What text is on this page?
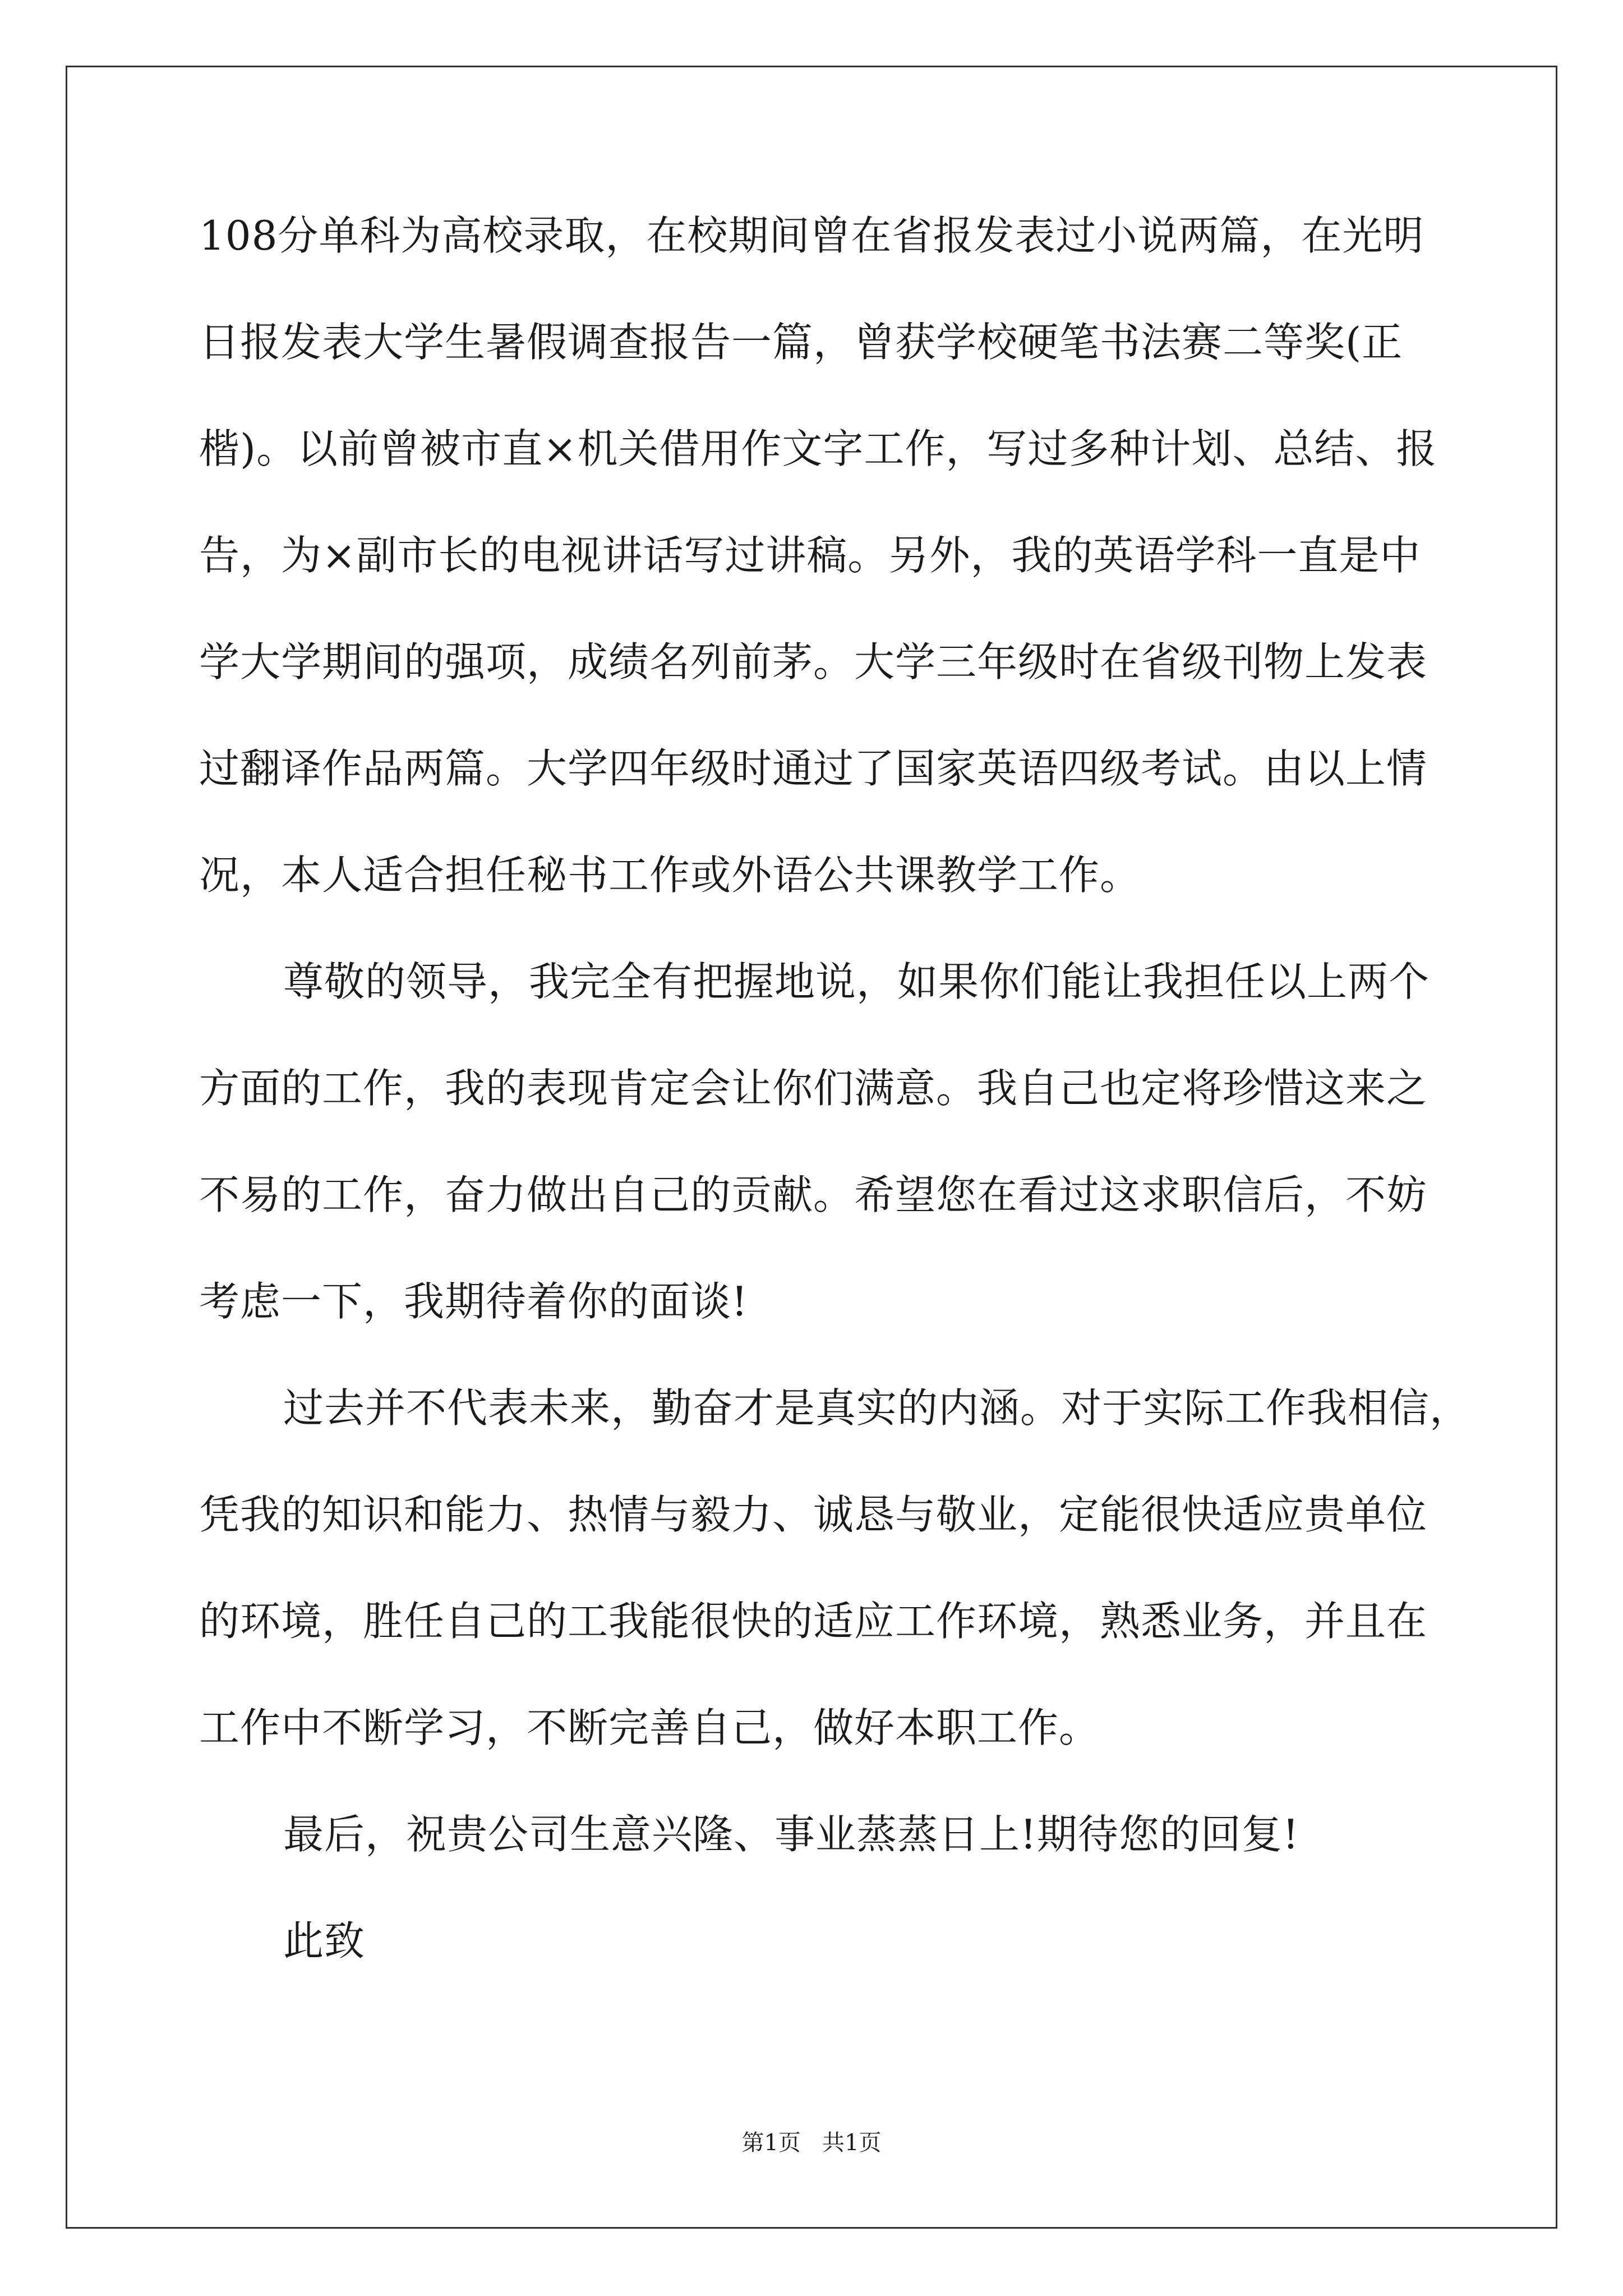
108分单科为高校录取，在校期间曾在省报发表过小说两篇，在光明
日报发表大学生暑假调查报告一篇，曾获学校硬笔书法赛二等奖(正
楷)。以前曾被市直×机关借用作文字工作，写过多种计划、总结、报
告，为×副市长的电视讲话写过讲稿。另外，我的英语学科一直是中
学大学期间的强项，成绩名列前茅。大学三年级时在省级刊物上发表
过翻译作品两篇。大学四年级时通过了国家英语四级考试。由以上情
况，本人适合担任秘书工作或外语公共课教学工作。
尊敬的领导，我完全有把握地说，如果你们能让我担任以上两个
方面的工作，我的表现肯定会让你们满意。我自己也定将珍惜这来之
不易的工作，奋力做出自己的贡献。希望您在看过这求职信后，不妨
考虑一下，我期待着你的面谈!
过去并不代表未来，勤奋才是真实的内涵。对于实际工作我相信，
凭我的知识和能力、热情与毅力、诚恳与敬业，定能很快适应贵单位
的环境，胜任自己的工我能很快的适应工作环境，熟悉业务，并且在
工作中不断学习，不断完善自己，做好本职工作。
最后，祝贵公司生意兴隆、事业蒸蒸日上!期待您的回复!
此致
第1页   共1页
